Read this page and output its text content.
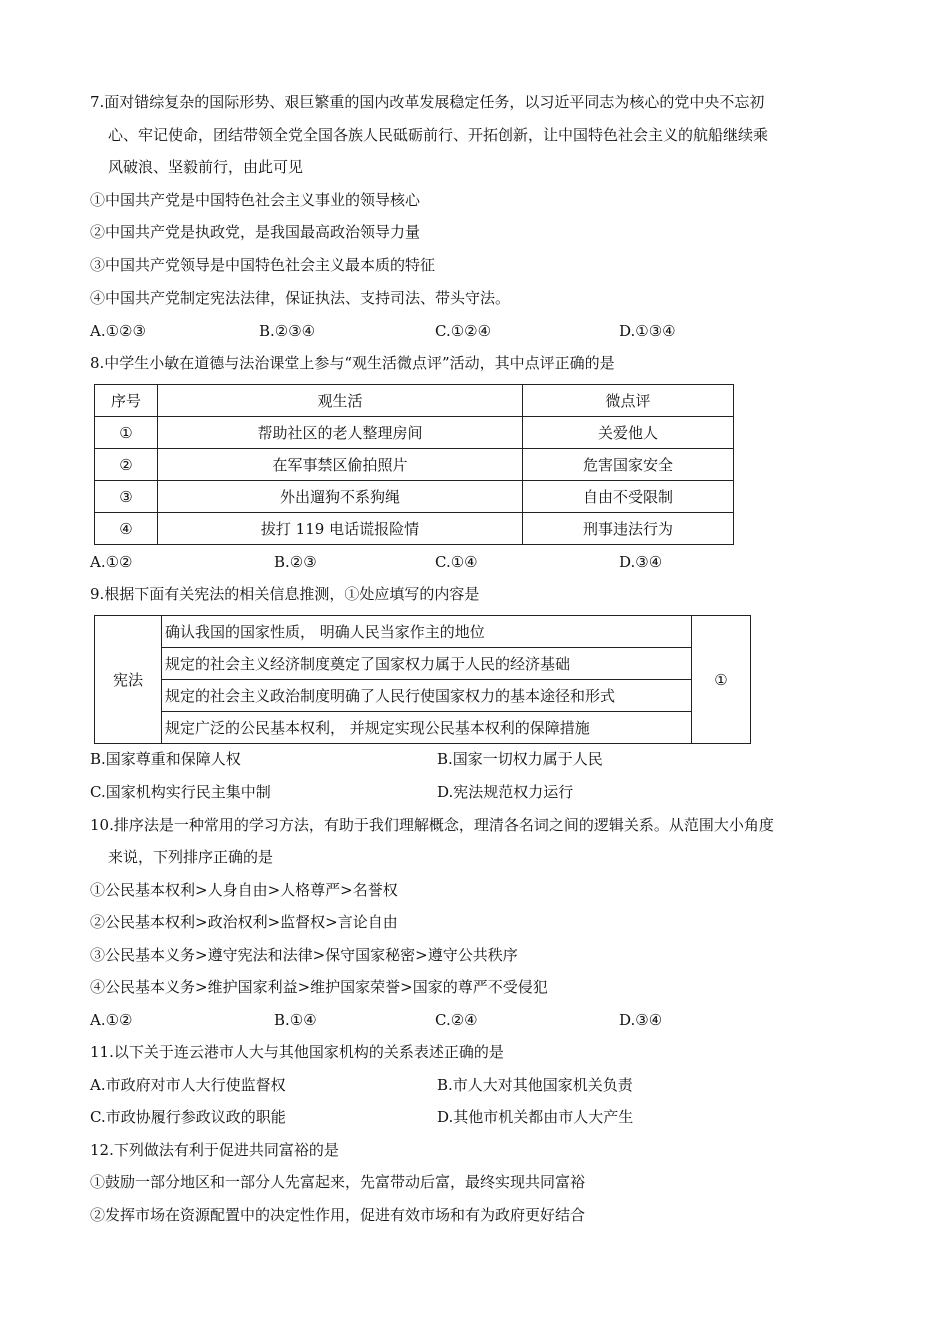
7.面对错综复杂的国际形势、艰巨繁重的国内改革发展稳定任务，以习近平同志为核心的党中央不忘初
心、牢记使命，团结带领全党全国各族人民砥砺前行、开拓创新，让中国特色社会主义的航船继续乘
风破浪、坚毅前行，由此可见
①中国共产党是中国特色社会主义事业的领导核心
②中国共产党是执政党，是我国最高政治领导力量
③中国共产党领导是中国特色社会主义最本质的特征
④中国共产党制定宪法法律，保证执法、支持司法、带头守法。
A.①②③	B.②③④	C.①②④	D.①③④
8.中学生小敏在道德与法治课堂上参与“观生活微点评”活动，其中点评正确的是
序号	观生活	微点评
①	帮助社区的老人整理房间	关爱他人
②	在军事禁区偷拍照片	危害国家安全
③	外出遛狗不系狗绳	自由不受限制
④	拔打 119 电话谎报险情	刑事违法行为
A.①②	B.②③	C.①④	D.③④
9.根据下面有关宪法的相关信息推测，①处应填写的内容是
宪法	确认我国的国家性质， 明确人民当家作主的地位	①
规定的社会主义经济制度奠定了国家权力属于人民的经济基础
规定的社会主义政治制度明确了人民行使国家权力的基本途径和形式
规定广泛的公民基本权利， 并规定实现公民基本权利的保障措施
B.国家尊重和保障人权	B.国家一切权力属于人民
C.国家机构实行民主集中制	D.宪法规范权力运行
10.排序法是一种常用的学习方法，有助于我们理解概念，理清各名词之间的逻辑关系。从范围大小角度
来说，下列排序正确的是
①公民基本权利>人身自由>人格尊严>名誉权
②公民基本权利>政治权利>监督权>言论自由
③公民基本义务>遵守宪法和法律>保守国家秘密>遵守公共秩序
④公民基本义务>维护国家利益>维护国家荣誉>国家的尊严不受侵犯
A.①②	B.①④	C.②④	D.③④
11.以下关于连云港市人大与其他国家机构的关系表述正确的是
A.市政府对市人大行使监督权	B.市人大对其他国家机关负责
C.市政协履行参政议政的职能	D.其他市机关都由市人大产生
12.下列做法有利于促进共同富裕的是
①鼓励一部分地区和一部分人先富起来，先富带动后富，最终实现共同富裕
②发挥市场在资源配置中的决定性作用，促进有效市场和有为政府更好结合
